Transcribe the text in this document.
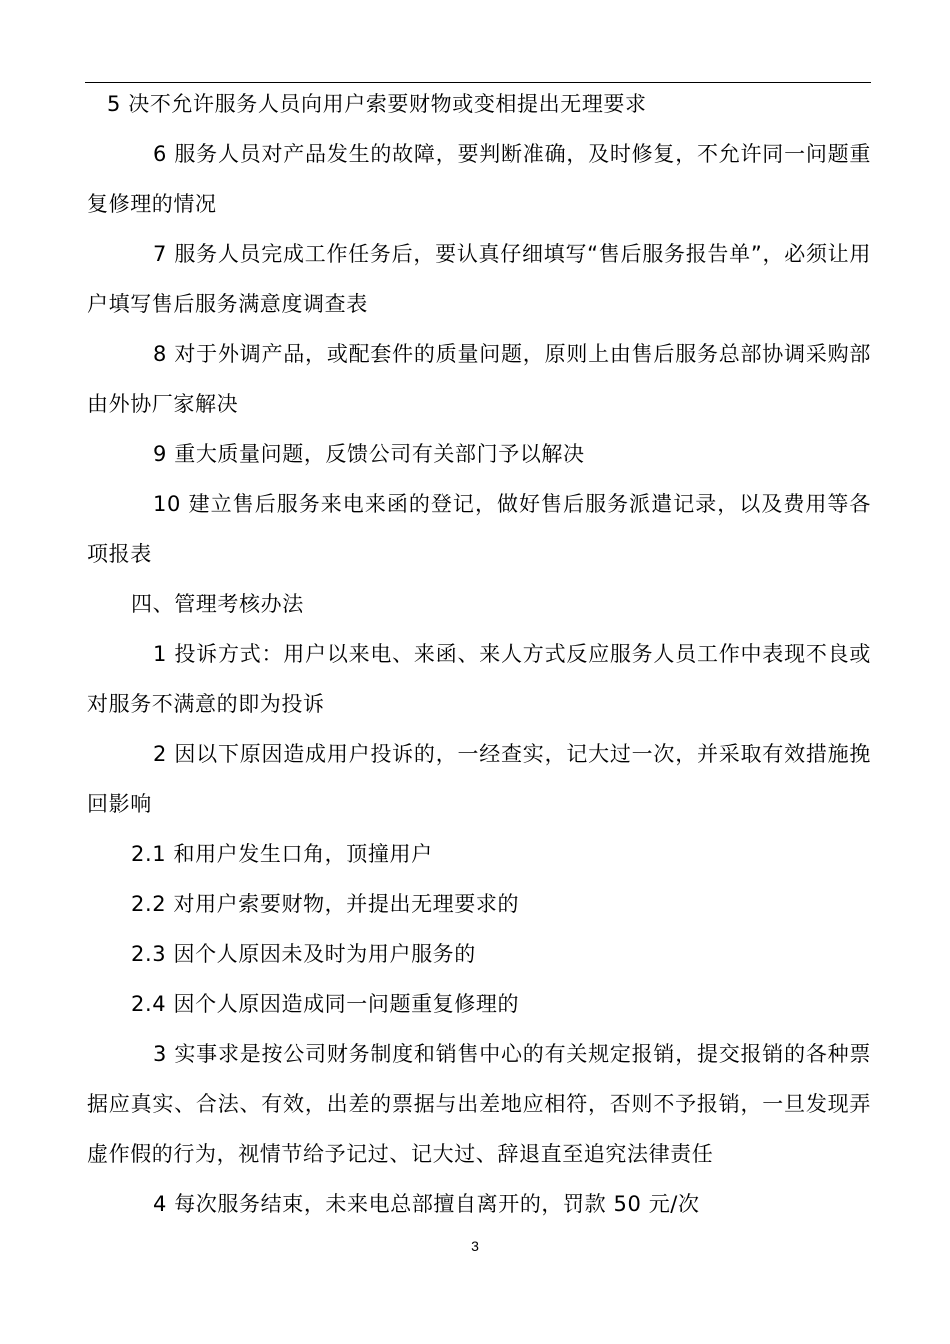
5 决不允许服务人员向用户索要财物或变相提出无理要求
6 服务人员对产品发生的故障，要判断准确，及时修复，不允许同一问题重复修理的情况
7 服务人员完成工作任务后，要认真仔细填写“售后服务报告单”，必须让用户填写售后服务满意度调查表
8 对于外调产品，或配套件的质量问题，原则上由售后服务总部协调采购部由外协厂家解决
9 重大质量问题，反馈公司有关部门予以解决
10 建立售后服务来电来函的登记，做好售后服务派遣记录，以及费用等各项报表
四、管理考核办法
1 投诉方式：用户以来电、来函、来人方式反应服务人员工作中表现不良或对服务不满意的即为投诉
2 因以下原因造成用户投诉的，一经查实，记大过一次，并采取有效措施挽回影响
2.1 和用户发生口角，顶撞用户
2.2 对用户索要财物，并提出无理要求的
2.3 因个人原因未及时为用户服务的
2.4 因个人原因造成同一问题重复修理的
3 实事求是按公司财务制度和销售中心的有关规定报销，提交报销的各种票据应真实、合法、有效，出差的票据与出差地应相符，否则不予报销，一旦发现弄虚作假的行为，视情节给予记过、记大过、辞退直至追究法律责任
4 每次服务结束，未来电总部擅自离开的，罚款 50 元/次
3
